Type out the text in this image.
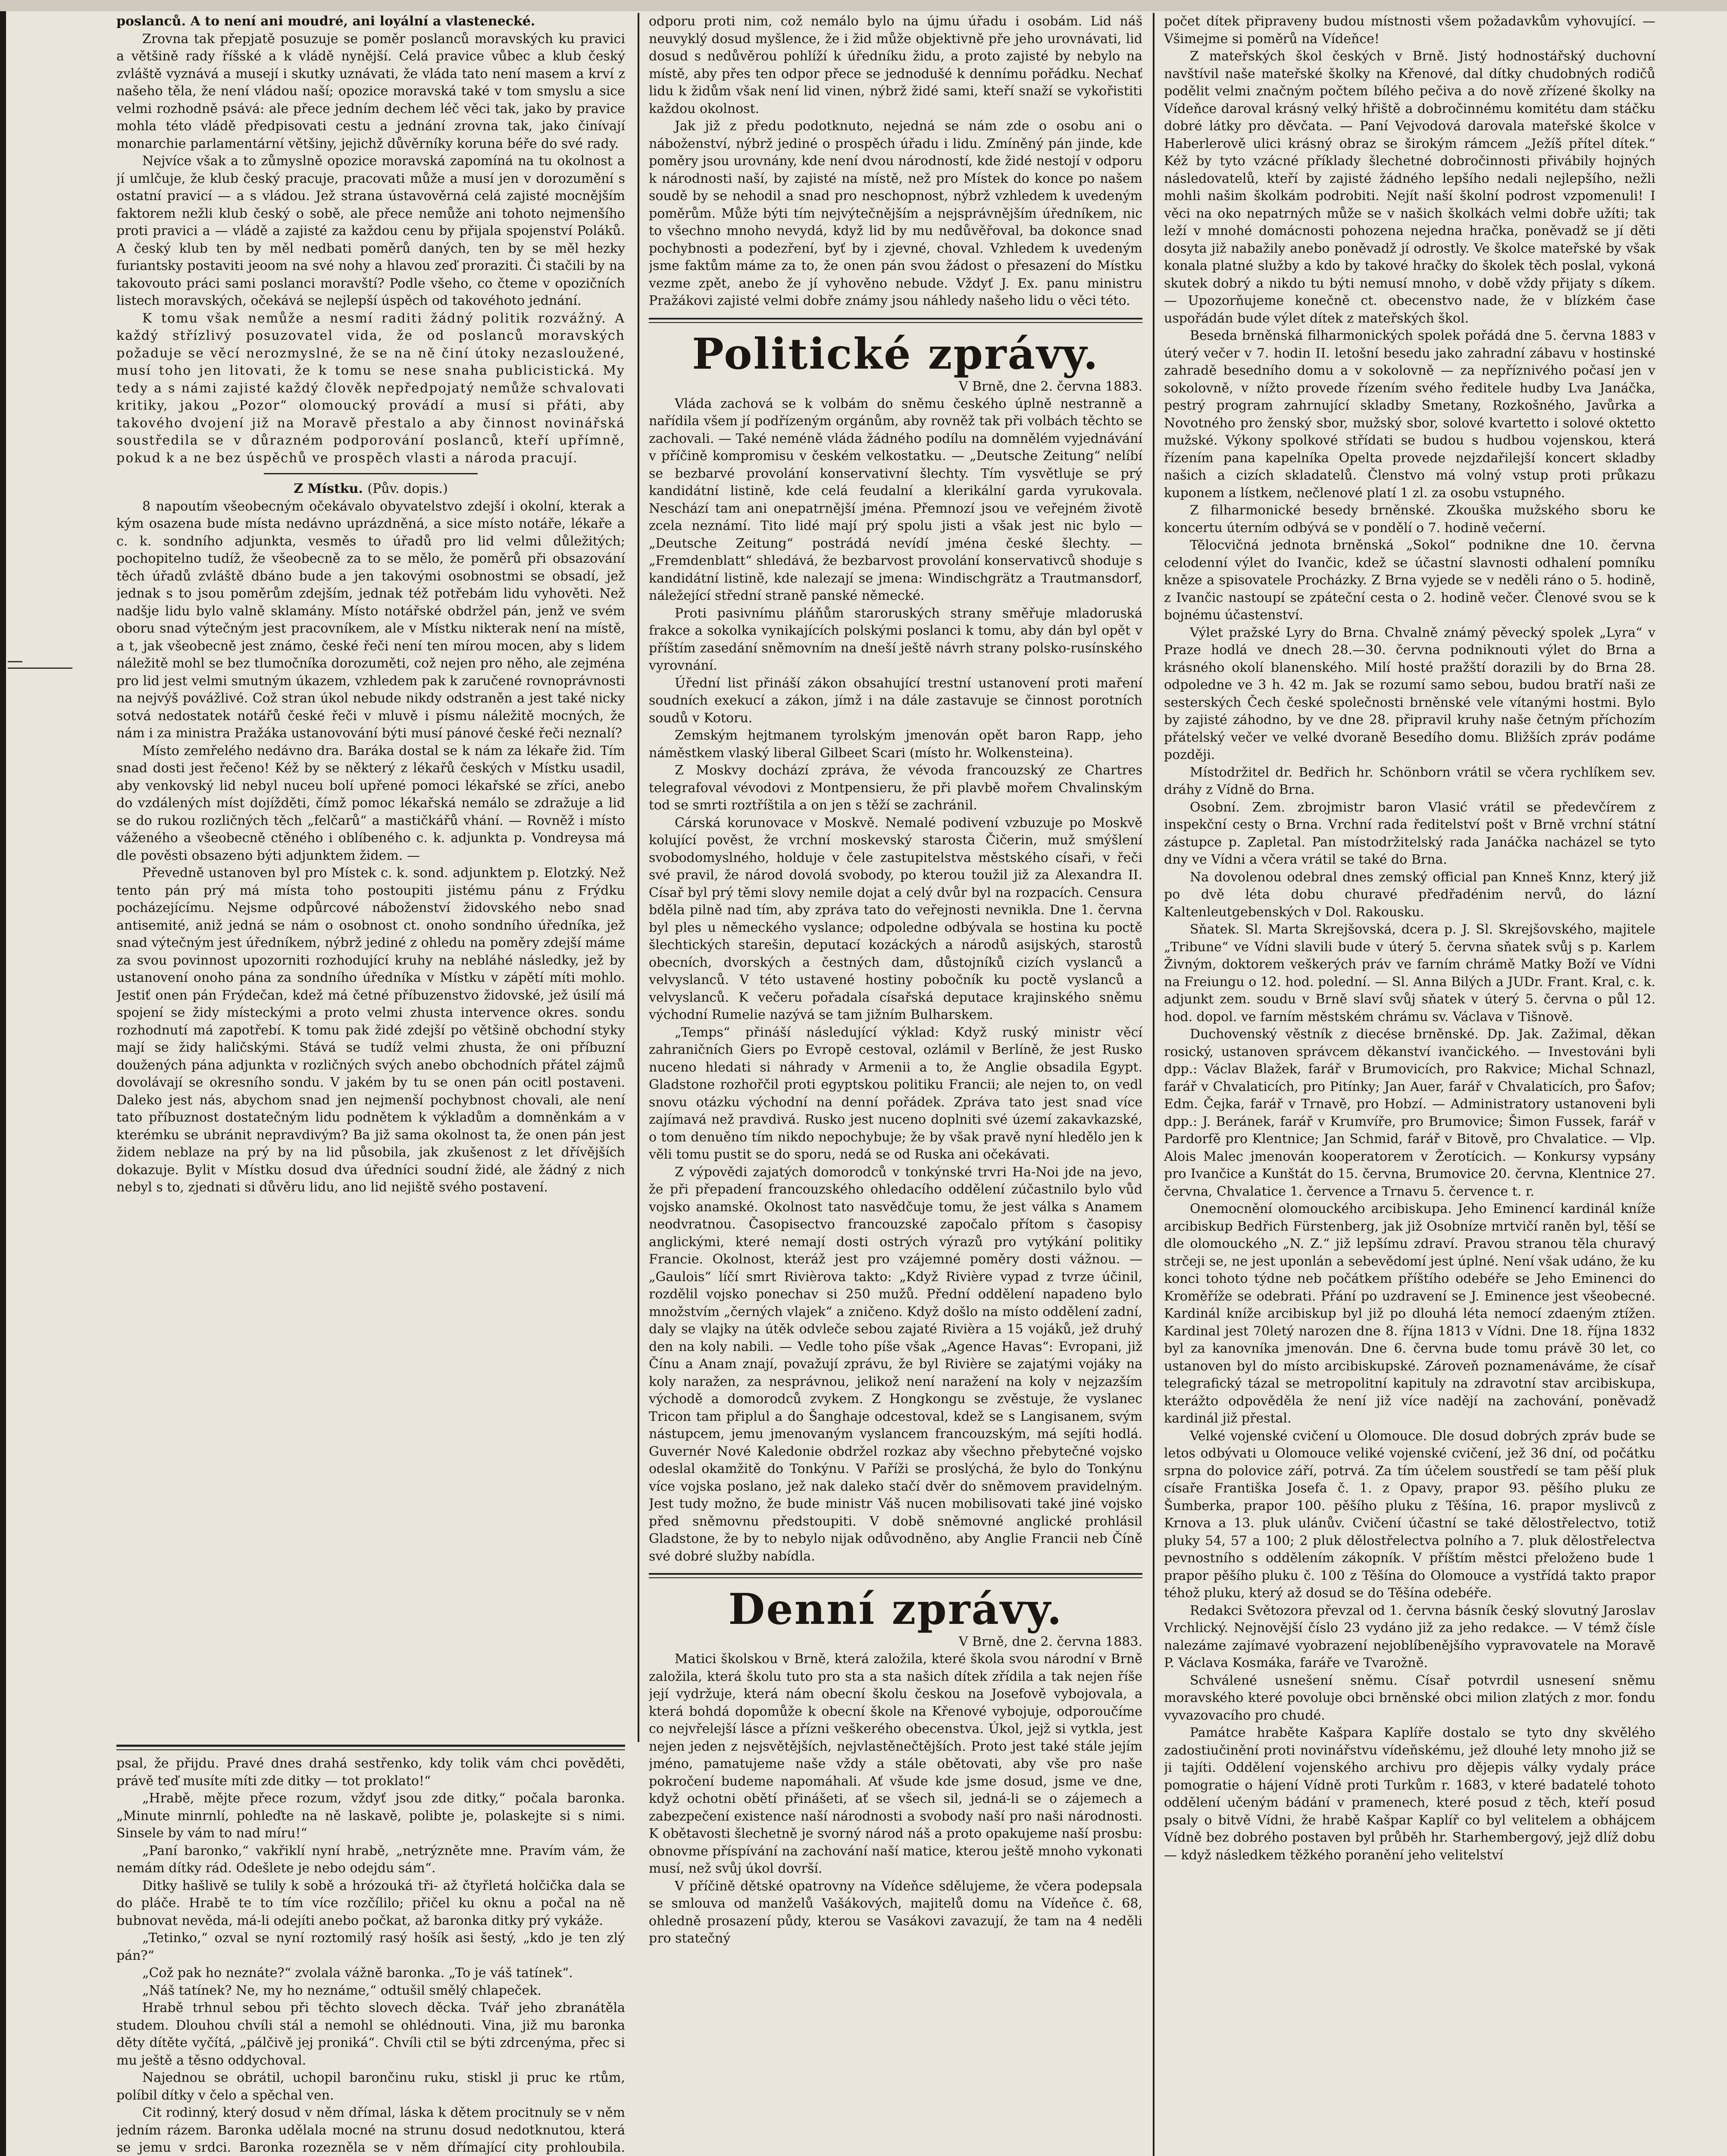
poslanců. A to není ani moudré, ani loyální a vlastenecké.

Zrovna tak přepjatě posuzuje se poměr poslanců moravských ku pravici a většině rady říšské a k vládě nynější. Celá pravice vůbec a klub český zvláště vyznává a musejí i skutky uznávati, že vláda tato není masem a krví z našeho těla, že není vládou naší; opozice moravská také v tom smyslu a sice velmi rozhodně psává: ale přece jedním dechem léč věci tak, jako by pravice mohla této vládě předpisovati cestu a jednání zrovna tak, jako činívají monarchie parlamentární většiny, jejichž důvěrníky koruna béře do své rady.

Nejvíce však a to zůmyslně opozice moravská zapomíná na tu okolnost a jí umlčuje, že klub český pracuje, pracovati může a musí jen v dorozumění s ostatní pravicí — a s vládou. Jež strana ústavověrná celá zajisté mocnějším faktorem nežli klub český o sobě, ale přece nemůže ani tohoto nejmenšího proti pravici a — vládě a zajisté za každou cenu by přijala spojenství Poláků. A český klub ten by měl nedbati poměrů daných, ten by se měl hezky furiantsky postaviti jeoom na své nohy a hlavou zeď proraziti. Či stačili by na takovouto práci sami poslanci moravští? Podle všeho, co čteme v opozičních listech moravských, očekává se nejlepší úspěch od takovéhoto jednání.

K tomu však nemůže a nesmí raditi žádný politik rozvážný. A každý střízlivý posuzovatel vida, že od poslanců moravských požaduje se věcí nerozmyslné, že se na ně činí útoky nezasloužené, musí toho jen litovati, že k tomu se nese snaha publicistická. My tedy a s námi zajisté každý člověk nepředpojatý nemůže schvalovati kritiky, jakou „Pozor“ olomoucký provádí a musí si přáti, aby takového dvojení již na Moravě přestalo a aby činnost novinářská soustředila se v důrazném podporování poslanců, kteří upřímně, pokud k a ne bez úspěchů ve prospěch vlasti a národa pracují.

Z Místku. (Pův. dopis.)

8 napoutím všeobecným očekávalo obyvatelstvo zdejší i okolní, kterak a kým osazena bude místa nedávno uprázdněná, a sice místo notáře, lékaře a c. k. sondního adjunkta, vesměs to úřadů pro lid velmi důležitých; pochopitelno tudíž, že všeobecně za to se mělo, že poměrů při obsazování těch úřadů zvláště dbáno bude a jen takovými osobnostmi se obsadí, jež jednak s to jsou poměrům zdejším, jednak též potřebám lidu vyhověti. Než nadšje lidu bylo valně sklamány. Místo notářské obdržel pán, jenž ve svém oboru snad výtečným jest pracovníkem, ale v Místku nikterak není na místě, a t, jak všeobecně jest známo, české řeči není ten mírou mocen, aby s lidem náležitě mohl se bez tlumočníka dorozuměti, což nejen pro něho, ale zejména pro lid jest velmi smutným úkazem, vzhledem pak k zaručené rovnoprávnosti na nejvýš povážlivé. Což stran úkol nebude nikdy odstraněn a jest také nicky sotvá nedostatek notářů české řeči v mluvě i písmu náležitě mocných, že nám i za ministra Pražáka ustanovování býti musí pánové české řeči neznalí?

Místo zemřelého nedávno dra. Baráka dostal se k nám za lékaře žid. Tím snad dosti jest řečeno! Kéž by se některý z lékařů českých v Místku usadil, aby venkovský lid nebyl nuceu bolí upřené pomoci lékařské se zříci, anebo do vzdálených míst dojížděti, čímž pomoc lékařská nemálo se zdražuje a lid se do rukou rozličných těch „felčarů“ a mastičkářů vhání. — Rovněž i místo váženého a všeobecně ctěného i oblíbeného c. k. adjunkta p. Vondreysa má dle pověsti obsazeno býti adjunktem židem. —

Převedně ustanoven byl pro Místek c. k. sond. adjunktem p. Elotzký. Než tento pán prý má místa toho postoupiti jistému pánu z Frýdku pocházejícímu. Nejsme odpůrcové náboženství židovského nebo snad antisemité, aniž jedná se nám o osobnost ct. onoho sondního úředníka, jež snad výtečným jest úředníkem, nýbrž jediné z ohledu na poměry zdejší máme za svou povinnost upozorniti rozhodující kruhy na nebláhé následky, jež by ustanovení onoho pána za sondního úředníka v Místku v zápětí míti mohlo. Jestiť onen pán Frýdečan, kdež má četné příbuzenstvo židovské, jež úsilí má spojení se židy místeckými a proto velmi zhusta intervence okres. sondu rozhodnutí má zapotřebí. K tomu pak židé zdejší po většině obchodní styky mají se židy haličskými. Stává se tudíž velmi zhusta, že oni příbuzní doužených pána adjunkta v rozličných svých anebo obchodních přátel zájmů dovolávají se okresního sondu. V jakém by tu se onen pán ocitl postaveni. Dalekо jest nás, abychom snad jen nejmenší pochybnost chovali, ale není tato příbuznost dostatečným lidu podnětem k výkladům a domněnkám a v kterémku se ubránit nepravdivým? Ba již sama okolnost ta, že onen pán jest židem neblaze na prý by na lid působila, jak zkušenost z let dřívějších dokazuje. Bylit v Místku dosud dva úředníci soudní židé, ale žádný z nich nebyl s to, zjednati si důvěru lidu, ano lid nejiště svého postavení.

psal, že přijdu. Pravé dnes drahá sestřenko, kdy tolik vám chci pověděti, právě teď musíte míti zde ditky — tot proklato!“

„Hrabě, mějte přece rozum, vždyť jsou zde ditky,“ počala baronka. „Minute minrnlí, pohleďte na ně laskavě, polibte je, polaskejte si s nimi. Sinsele by vám to nad míru!“

„Paní baronko,“ vakřiklí nyní hrabě, „netrýzněte mne. Pravím vám, že nemám dítky rád. Odešlete je nebo odejdu sám“.

Ditky hašlivě se tulily k sobě a hrózouká tři- až čtyřletá holčička dala se do pláče. Hrabě te to tím více rozčílilo; přičel ku oknu a počal na ně bubnovat nevěda, má-li odejíti anebo počkat, až baronka ditky prý vykáže.

„Tetinko,“ ozval se nyní roztomilý rasý hošík asi šestý, „kdo je ten zlý pán?“

„Což pak ho neznáte?“ zvolala vážně baronka. „To je váš tatínek“.

„Náš tatínek? Ne, my ho neznáme,“ odtušil smělý chlapeček.

Hrabě trhnul sebou při těchto slovech děcka. Tvář jeho zbranátěla studem. Dlouhou chvíli stál a nemohl se ohlédnouti. Vina, již mu baronka děty dítěte vyčítá, „pálčivě jej proniká“. Chvíli ctil se býti zdrcenýma, přec si mu ještě a těsno oddychoval.

Najednou se obrátil, uchopil barončinu ruku, stiskl ji pruc ke rtům, políbil dítky v čelo a spěchal ven.

Cit rodinný, který dosud v něm dřímal, láska k dětem procitnuly se v něm jedním rázem. Baronka udělala mocné na strunu dosud nedotknutou, která se jemu v srdci. Baronka rozezněla se v něm dřímající city prohloubila.

odporu proti nim, což nemálo bylo na újmu úřadu i osobám. Lid náš neuvyklý dosud myšlence, že i žid může objektivně pře jeho urovnávati, lid dosud s nedůvěrou pohlíží k úředníku židu, a proto zajisté by nebylo na místě, aby přes ten odpor přece se jednodušé k dennímu pořádku. Nechať lidu k židům však není lid vinen, nýbrž židé sami, kteří snaží se vykořistiti každou okolnost.

Jak již z předu podotknuto, nejedná se nám zde o osobu ani o náboženství, nýbrž jediné o prospěch úřadu i lidu. Zmíněný pán jinde, kde poměry jsou urovnány, kde není dvou národností, kde židé nestojí v odporu k národnosti naší, by zajisté na místě, než pro Místek do konce po našem soudě by se nehodil a snad pro neschopnost, nýbrž vzhledem k uvedeným poměrům. Může býti tím nejvýtečnějším a nejsprávnějším úředníkem, nic to všechno mnoho nevydá, když lid by mu nedůvěřoval, ba dokonce snad pochybnosti a podezření, byť by i zjevné, choval. Vzhledem k uvedeným jsme faktům máme za to, že onen pán svou žádost o přesazení do Místku vezme zpět, anebo že jí vyhověno nebude. Vždyť J. Ex. panu ministru Pražákovi zajisté velmi dobře známy jsou náhledy našeho lidu o věci této.

Politické zprávy.
V Brně, dne 2. června 1883.

Vláda zachová se k volbám do sněmu českého úplně nestranně a nařídila všem jí podřízeným orgánům, aby rovněž tak při volbách těchto se zachovali. — Také neméně vláda žádného podílu na domnělém vyjednávání v příčině kompromisu v českém velkostatku. — „Deutsche Zeitung“ nelíbí se bezbarvé provolání konservativní šlechty. Tím vysvětluje se prý kandidátní listině, kde celá feudalní a klerikální garda vyrukovala. Neschází tam ani onepatrnější jména. Přemnozí jsou ve veřejném životě zcela neznámí. Tito lidé mají prý spolu jisti a však jest nic bylo — „Deutsche Zeitung“ postrádá nevídí jména české šlechty. — „Fremdenblatt“ shledává, že bezbarvost provolání konservativců shoduje s kandidátní listině, kde nalezají se jmena: Windischgrätz a Trautmansdorf, náležející střední straně panské německé.

Proti pasivnímu pláňům staroruských strany směřuje mladoruská frakce a sokolka vynikajících polskými poslanci k tomu, aby dán byl opět v příštím zasedání sněmovním na dneší ještě návrh strany polsko-rusínského vyrovnání.

Úřední list přináší zákon obsahující trestní ustanovení proti maření soudních exekucí a zákon, jímž i na dále zastavuje se činnost porotních soudů v Kotoru.

Zemským hejtmanem tyrolským jmenován opět baron Rapp, jeho náměstkem vlaský liberal Gilbeet Scari (místo hr. Wolkensteina).

Z Moskvy dochází zpráva, že vévoda francouzský ze Chartres telegrafoval vévodovi z Montpensieru, že při plavbě mořem Chvalinským tod se smrti roztříštila a on jen s těží se zachránil.

Cárská korunovace v Moskvě. Nemalé podivení vzbuzuje po Moskvě kolující pověst, že vrchní moskevský starosta Čičerin, muž smýšlení svobodomyslného, holduje v čele zastupitelstva městského císaři, v řeči své pravil, že národ dovolá svobody, po kterou toužil již za Alexandra II. Císař byl prý těmi slovy nemile dojat a celý dvůr byl na rozpacích. Censura bděla pilně nad tím, aby zpráva tato do veřejnosti nevnikla. Dne 1. června byl ples u německého vyslance; odpoledne odbývala se hostina ku poctě šlechtických starešin, deputací kozáckých a národů asijských, starostů obecních, dvorských a čestných dam, důstojníků cizích vyslanců a velvyslanců. V této ustavené hostiny pobočník ku poctě vyslanců a velvyslanců. K večeru pořadala císařská deputace krajinského sněmu východní Rumelie nazývá se tam jižním Bulharskem.

„Temps“ přináší následující výklad: Když ruský ministr věcí zahraničních Giers po Evropě cestoval, ozlámil v Berlíně, že jest Rusko nucenо hledati si náhrady v Armenii a to, že Anglie obsadila Egypt. Gladstone rozhořčil proti egyptskou politiku Francii; ale nejen to, on vedl snovu otázku východní na denní pořádek. Zpráva tato jest snad více zajímavá než pravdivá. Rusko jest nucenо doplniti své území zakavkazské, o tom denuěno tím nikdo nepochybuje; že by však pravě nyní hledělo jen k věli tomu pustit se do sporu, nedá se od Ruska ani očekávati.

Z výpovědi zajatých domorodců v tonkýnské trvri Ha-Noi jde na jevo, že při přepadení francouzského ohledacího oddělení zúčastnilo bylo vůd vojsko anamské. Okolnost tato nasvědčuje tomu, že jest válka s Anamem neodvratnou. Časopisectvo francouzské započalo přítom s časopisy anglickými, které nemají dosti ostrých výrazů pro vytýkání politiky Francie. Okolnost, kteráž jest pro vzájemné poměry dosti vážnou. — „Gaulois“ líčí smrt Rivièrova takto: „Když Rivière vypad z tvrze účinil, rozdělil vojsko ponechav si 250 mužů. Přední oddělení napadeno bylo množstvím „černých vlajek“ a zničeno. Když došlo na místo oddělení zadní, daly se vlajky na útěk odvleče sebou zajaté Rivièra a 15 vojáků, jež druhý den na koly nabili. — Vedle toho píše však „Agence Havas“: Evropani, již Čínu a Anam znají, považují zprávu, že byl Rivière se zajatými vojáky na koly naražen, za nesprávnou, jelikož není naražení na koly v nejzazším východě a domorodců zvykem. Z Hongkongu se zvěstuje, že vyslanec Tricon tam připlul a do Šanghaje odcestoval, kdež se s Langisanem, svým nástupcem, jemu jmenovaným vyslancem francouzským, má sejíti hodlá. Guvernér Nové Kaledonie obdržel rozkaz aby všechno přebytečné vojsko odeslal okamžitě do Tonkýnu. V Paříži se proslýchá, že bylo do Tonkýnu více vojska poslano, jež nak daleko stačí dvěr do sněmovem pravidelným. Jest tudy možno, že bude ministr Váš nucen mobilisovati také jiné vojsko před sněmovnu předstoupiti. V době sněmovné anglické prohlásil Gladstone, že by to nebylo nijak odůvodněno, aby Anglie Francii neb Číně své dobré služby nabídla.

Denní zprávy.
V Brně, dne 2. června 1883.

Matici školskou v Brně, která založila, které škola svou národní v Brně založila, která školu tuto pro sta a sta našich dítek zřídila a tak nejen říše její vydržuje, která nám obecní školu českou na Josefově vybojovala, a která bohdá dopomůže k obecní škole na Křenové vybojuje, odporoučíme co nejvřelejší lásce a přízni veškerého obecenstva. Úkol, jejž si vytkla, jest nejen jeden z nejsvětějších, nejvlastěnečtějších. Proto jest také stále jejím jméno, pamatujeme naše vždy a stále obětovati, aby vše pro naše pokročení budeme napomáhali. Ať všude kde jsme dosud, jsme ve dne, když ochotni obětí přinášeti, ať se všech sil, jedná-li se o zájemech a zabezpečení existence naší národnosti a svobody naší pro naši národnosti. K obětavosti šlechetně je svorný národ náš a proto opakujeme naší prosbu: obnovme příspívání na zachování naší matice, kterou ještě mnoho vykonati musí, než svůj úkol dovrší.

V příčině dětské opatrovny na Vídeňce sdělujeme, že včera podepsala se smlouva od manželů Vašákových, majitelů domu na Vídeňce č. 68, ohledně prosazení půdy, kterou se Vasákovi zavazují, že tam na 4 neděli pro statečný

počet dítek připraveny budou místnosti všem požadavkům vyhovující. — Všimejme si poměrů na Vídeňce!

Z mateřských škol českých v Brně. Jistý hodnostářský duchovní navštívil naše mateřské školky na Křenové, dal dítky chudobných rodičů podělit velmi značným počtem bílého pečiva a do nově zřízené školky na Vídeňce daroval krásný velký hřiště a dobročinnému komitétu dam stáčku dobré látky pro děvčata. — Paní Vejvodová darovala mateřské školce v Haberlerově ulici krásný obraz se širokým rámcem „Ježíš přítel dítek.“ Kéž by tyto vzácné příklady šlechetné dobročinnosti přivábily hojných následovatelů, kteří by zajisté žádného lepšího nedali nejlepšího, nežli mohli našim školkám podrobiti. Nejít naší školní podrost vzpomenuli! I věci na oko nepatrných může se v našich školkách velmi dobře užíti; tak leží v mnohé domácnosti pohozena nejedna hračka, poněvadž se jí děti dosyta již nabažily anebo poněvadž jí odrostly. Ve školce mateřské by však konala platné služby a kdo by takové hračky do školek těch poslal, vykoná skutek dobrý a nikdo tu býti nemusí mnoho, v době vždy přijaty s díkem. — Upozorňujeme konečně ct. obecenstvo nade, že v blízkém čase uspořádán bude výlet dítek z mateřských škol.

Beseda brněnská filharmonických spolek pořádá dne 5. června 1883 v úterý večer v 7. hodin II. letošní besedu jako zahradní zábavu v hostinské zahradě besedního domu a v sokolovně — za nepříznivého počasí jen v sokolovně, v nížto provede řízením svého ředitele hudby Lva Janáčka, pestrý program zahrnující skladby Smetany, Rozkošného, Javůrka a Novotného pro ženský sbor, mužský sbor, solové kvartetto i solové oktetto mužské. Výkony spolkové střídati se budou s hudbou vojenskou, která řízením pana kapelníka Opelta provede nejzdařilejší koncert skladby našich a cizích skladatelů. Členstvo má volný vstup proti průkazu kuponem a lístkem, nečlenové platí 1 zl. za osobu vstupného.

Z filharmonické besedy brněnské. Zkouška mužského sboru ke koncertu úterním odbývá se v pondělí o 7. hodině večerní.

Tělocvičná jednota brněnská „Sokol“ podnikne dne 10. června celodenní výlet do Ivančic, kdež se účastní slavnosti odhalení pomníku kněze a spisovatele Procházky. Z Brna vyjede se v neděli ráno o 5. hodině, z Ivančic nastoupí se zpáteční cesta o 2. hodině večer. Členové svou se k bojnému účastenství.

Výlet pražské Lyry do Brna. Chvalně známý pěvecký spolek „Lyra“ v Praze hodlá ve dnech 28.—30. června podniknouti výlet do Brna a krásného okolí blanenského. Milí hosté pražští dorazili by do Brna 28. odpoledne ve 3 h. 42 m. Jak se rozumí samo sebou, budou bratří naši ze sesterských Čech české společnosti brněnské vele vítanými hostmi. Bylo by zajisté záhodno, by ve dne 28. připravil kruhy naše četným příchozím přátelský večer ve velké dvoraně Besedího domu. Bližších zpráv podáme později.

Místodržitel dr. Bedřich hr. Schönborn vrátil se včera rychlíkem sev. dráhy z Vídně do Brna.

Osobní. Zem. zbrojmistr baron Vlasić vrátil se předevčírem z inspekční cesty o Brna. Vrchní rada ředitelství pošt v Brně vrchní státní zástupce p. Zapletal. Pan místodržitelský rada Janáčka nacházel se tyto dny ve Vídni a včera vrátil se také do Brna.

Na dovolenou odebral dnes zemský official pan Knneš Knnz, který již po dvě léta dobu churavé předřadénim nervů, do lázní Kaltenleutgebenských v Dol. Rakousku.

Sňatek. Sl. Marta Skrejšovská, dcera p. J. Sl. Skrejšovského, majitele „Tribune“ ve Vídni slavili bude v úterý 5. června sňatek svůj s p. Karlem Živným, doktorem veškerých práv ve farním chrámě Matky Boží ve Vídni na Freiungu o 12. hod. polední. — Sl. Anna Bilých a JUDr. Frant. Kral, c. k. adjunkt zem. soudu v Brně slaví svůj sňatek v úterý 5. června o půl 12. hod. dopol. ve farním městském chrámu sv. Václava v Tišnově.

Duchovenský věstník z diecése brněnské. Dp. Jak. Zažimal, děkan rosický, ustanoven správcem děkanství ivančického. — Investováni byli dpp.: Václav Blažek, farář v Brumovicích, pro Rakvice; Michal Schnazl, farář v Chvalaticích, pro Pitínky; Jan Auer, farář v Chvalaticích, pro Šafov; Edm. Čejka, farář v Trnavě, pro Hobzí. — Administratory ustanoveni byli dpp.: J. Beránek, farář v Krumvíře, pro Brumovice; Šimon Fussek, farář v Pardorfě pro Klentnice; Jan Schmid, farář v Bitově, pro Chvalatice. — Vlp. Alois Malec jmenován kooperatorem v Žerotícich. — Konkursy vypsány pro Ivančice a Kunštát do 15. června, Brumovice 20. června, Klentnice 27. června, Chvalatice 1. července a Trnavu 5. července t. r.

Onemocnění olomouckého arcibiskupa. Jeho Eminencí kardinál kníže arcibiskup Bedřich Fürstenberg, jak již Osobníze mrtvičí raněn byl, těší se dle olomouckého „N. Z.“ již lepšímu zdraví. Pravou stranou těla churavý strčeji se, ne jest uponlán a sebevědomí jest úplné. Není však udáno, že ku konci tohoto týdne neb počátkem příštího odebéře se Jeho Eminenci do Kroměříže se odebrati. Přání po uzdravení se J. Eminence jest všeobecné. Kardinál kníže arcibiskup byl již po dlouhá léta nemocí zdaeným ztížen. Kardinal jest 70letý narozen dne 8. října 1813 v Vídni. Dne 18. října 1832 byl za kanovníka jmenován. Dne 6. června bude tomu právě 30 let, co ustanoven byl do místo arcibiskupské. Zároveň poznamenáváme, že císař telegrafický tázal se metropolitní kapituly na zdravotní stav arcibiskupa, kterážto odpověděla že není již více nadějí na zachování, poněvadž kardinál již přestal.

Velké vojenské cvičení u Olomouce. Dle dosud dobrých zpráv bude se letos odbývati u Olomouce veliké vojenské cvičení, jež 36 dní, od počátku srpna do polovice září, potrvá. Za tím účelem soustředí se tam pěší pluk císaře Františka Josefa č. 1. z Opavy, prapor 93. pěšího pluku ze Šumberka, prapor 100. pěšího pluku z Těšína, 16. prapor myslivců z Krnova a 13. pluk ulánův. Cvičení účastní se také dělostřelectvo, totiž pluky 54, 57 a 100; 2 pluk dělostřelectva polního a 7. pluk dělostřelectva pevnostního s oddělením zákopník. V příštím městci přeloženo bude 1 prapor pěšího pluku č. 100 z Těšína do Olomouce a vystřídá takto prapor téhož pluku, který až dosud se do Těšína odebéře.

Redakci Světozora převzal od 1. června básník český slovutný Jaroslav Vrchlický. Nejnovější číslo 23 vydáno již za jeho redakce. — V témž čísle nalezáme zajímavé vyobrazení nejoblíbenějšího vypravovatele na Moravě P. Václava Kosmáka, faráře ve Tvarožně.

Schválené usnešení sněmu. Císař potvrdil usnesení sněmu moravského které povoluje obci brněnské obci milion zlatých z mor. fondu vyvazovacího pro chudé.

Památce hraběte Kašpara Kaplíře dostalo se tyto dny skvělého zadostiučinění proti novinářstvu vídeňskému, jež dlouhé lety mnoho již se ji tajíti. Oddělení vojenského archivu pro dějepis války vydaly práce pomogratie o hájení Vídně proti Turkům r. 1683, v které badatelé tohoto oddělení učeným bádání v pramenech, které posud z těch, kteří posud psaly o bitvě Vídni, že hrabě Kašpar Kaplíř co byl velitelem a obhájcem Vídně bez dobrého postaven byl průběh hr. Starhembergový, jejž dlíž dobu — když následkem těžkého poranění jeho velitelství
